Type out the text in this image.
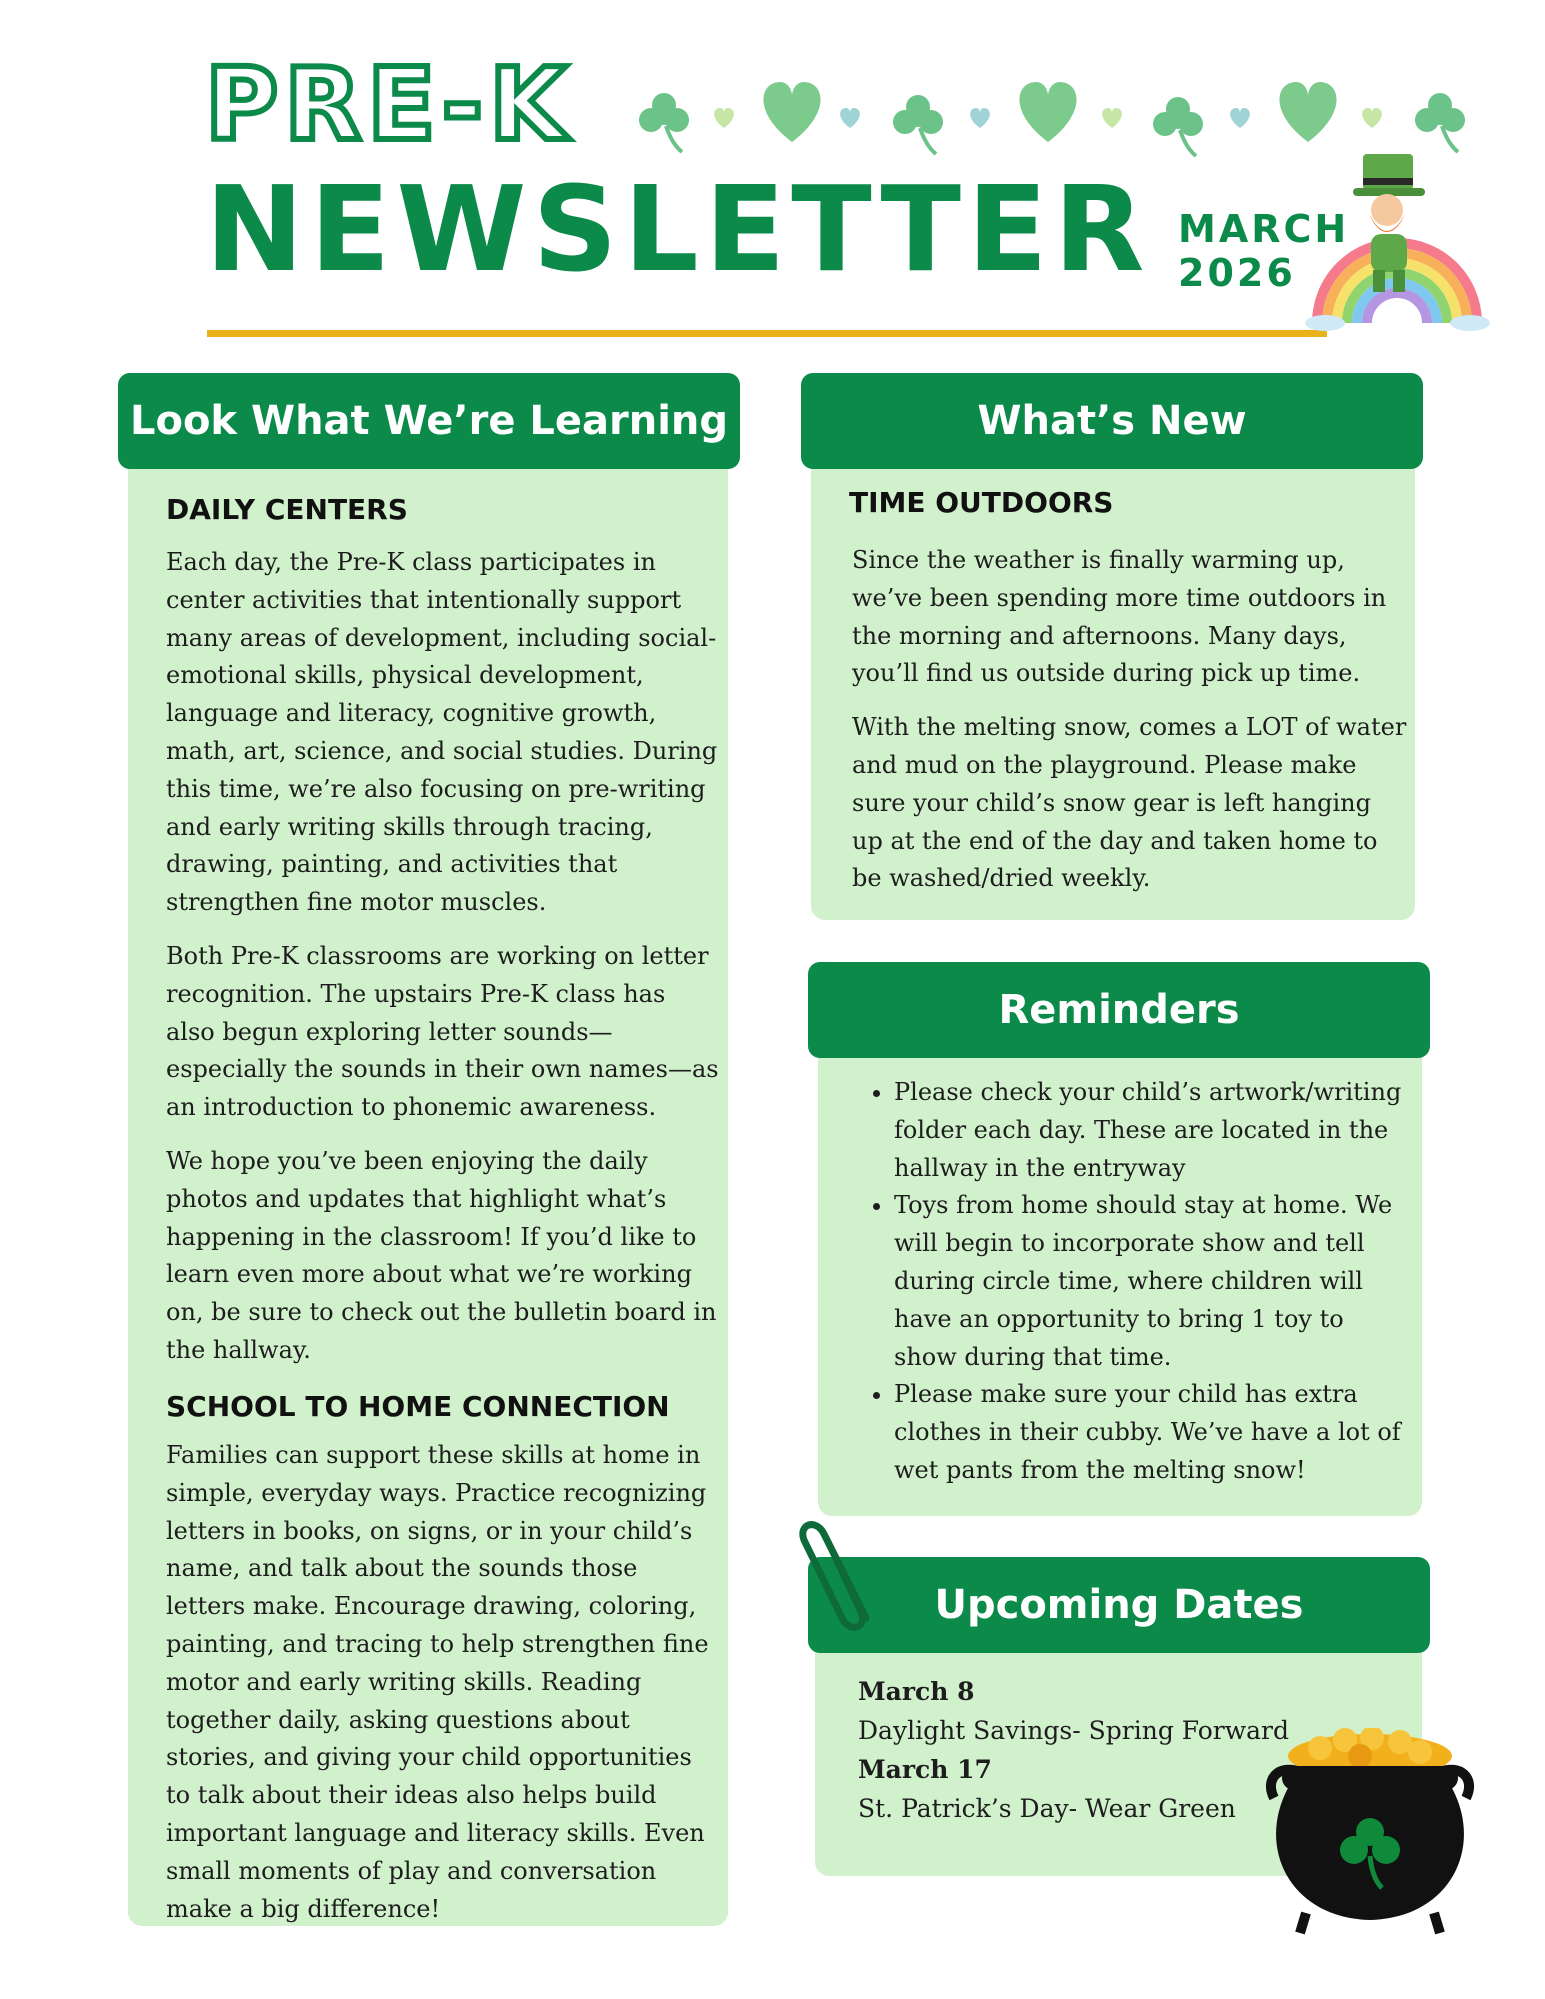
PRE-K
NEWSLETTER MARCH
2026
Look What We’re Learning
DAILY CENTERS

Each day, the Pre-K class participates in center activities that intentionally support many areas of development, including social-emotional skills, physical development, language and literacy, cognitive growth, math, art, science, and social studies. During this time, we’re also focusing on pre-writing and early writing skills through tracing, drawing, painting, and activities that strengthen fine motor muscles.

Both Pre-K classrooms are working on letter recognition. The upstairs Pre-K class has also begun exploring letter sounds—especially the sounds in their own names—as an introduction to phonemic awareness.

We hope you’ve been enjoying the daily photos and updates that highlight what’s happening in the classroom! If you’d like to learn even more about what we’re working on, be sure to check out the bulletin board in the hallway.

SCHOOL TO HOME CONNECTION

Families can support these skills at home in simple, everyday ways. Practice recognizing letters in books, on signs, or in your child’s name, and talk about the sounds those letters make. Encourage drawing, coloring, painting, and tracing to help strengthen fine motor and early writing skills. Reading together daily, asking questions about stories, and giving your child opportunities to talk about their ideas also helps build important language and literacy skills. Even small moments of play and conversation make a big difference!

What’s New
TIME OUTDOORS

Since the weather is finally warming up, we’ve been spending more time outdoors in the morning and afternoons. Many days, you’ll find us outside during pick up time.

With the melting snow, comes a LOT of water and mud on the playground. Please make sure your child’s snow gear is left hanging up at the end of the day and taken home to be washed/dried weekly.

Reminders
• Please check your child’s artwork/writing folder each day. These are located in the hallway in the entryway
• Toys from home should stay at home. We will begin to incorporate show and tell during circle time, where children will have an opportunity to bring 1 toy to show during that time.
• Please make sure your child has extra clothes in their cubby. We’ve have a lot of wet pants from the melting snow!
Upcoming Dates
March 8
Daylight Savings- Spring Forward
March 17
St. Patrick’s Day- Wear Green
